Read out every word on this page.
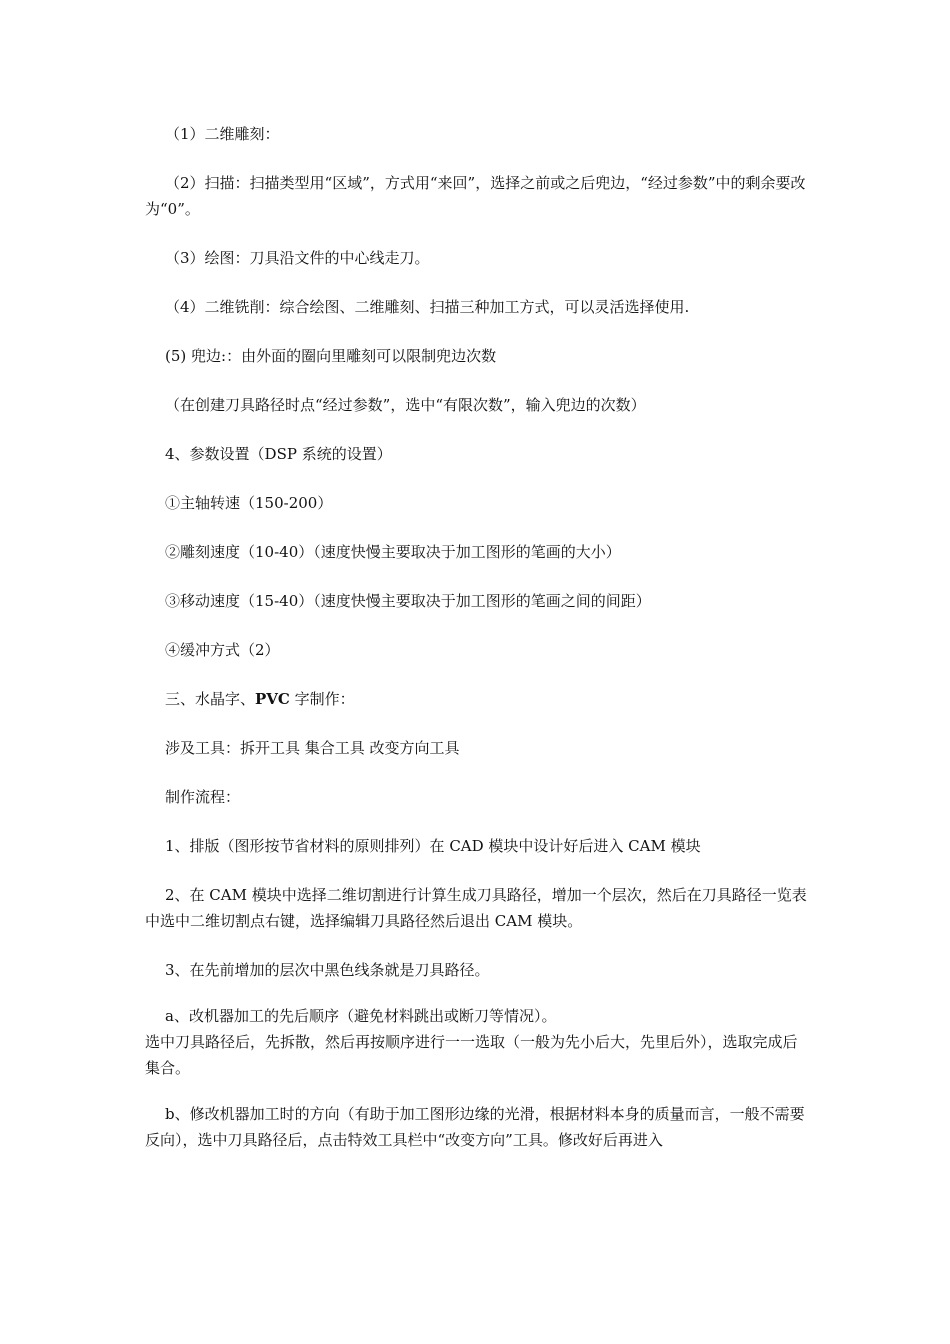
（1）二维雕刻：

（2）扫描：扫描类型用“区域”，方式用“来回”，选择之前或之后兜边，“经过参数”中的剩余要改为“0”。

（3）绘图：刀具沿文件的中心线走刀。

（4）二维铣削：综合绘图、二维雕刻、扫描三种加工方式，可以灵活选择使用.

(5) 兜边:：由外面的圈向里雕刻可以限制兜边次数

（在创建刀具路径时点“经过参数”，选中“有限次数”，输入兜边的次数）

4、参数设置（DSP 系统的设置）

①主轴转速（150-200）

②雕刻速度（10-40）（速度快慢主要取决于加工图形的笔画的大小）

③移动速度（15-40）（速度快慢主要取决于加工图形的笔画之间的间距）

④缓冲方式（2）

三、水晶字、PVC 字制作：

涉及工具：拆开工具 集合工具 改变方向工具

制作流程：

1、排版（图形按节省材料的原则排列）在 CAD 模块中设计好后进入 CAM 模块

2、在 CAM 模块中选择二维切割进行计算生成刀具路径，增加一个层次，然后在刀具路径一览表中选中二维切割点右键，选择编辑刀具路径然后退出 CAM 模块。

3、在先前增加的层次中黑色线条就是刀具路径。

a、改机器加工的先后顺序（避免材料跳出或断刀等情况）。

选中刀具路径后，先拆散，然后再按顺序进行一一选取（一般为先小后大，先里后外），选取完成后集合。

b、修改机器加工时的方向（有助于加工图形边缘的光滑，根据材料本身的质量而言，一般不需要反向），选中刀具路径后，点击特效工具栏中“改变方向”工具。修改好后再进入
